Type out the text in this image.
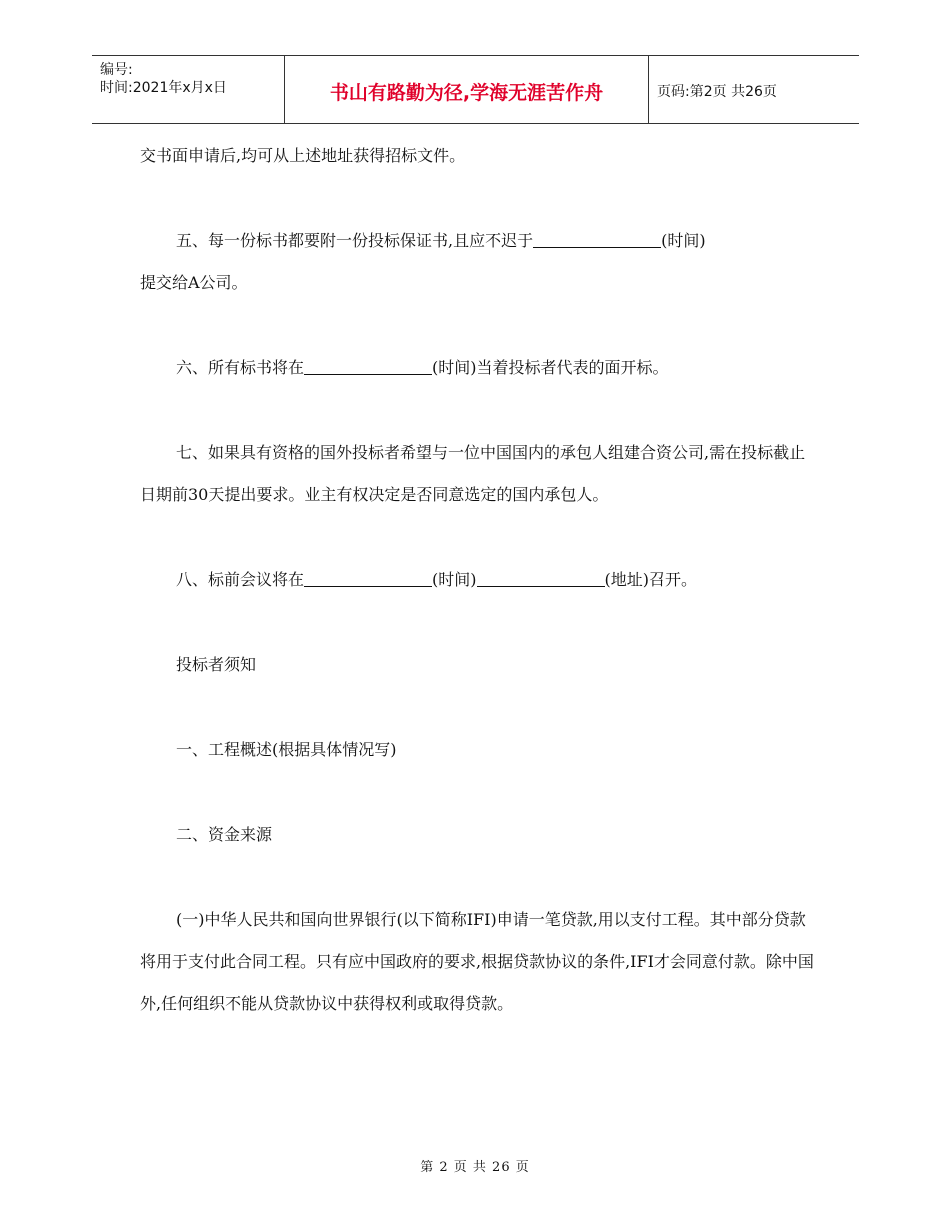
编号:
时间:2021年x月x日	书山有路勤为径,学海无涯苦作舟	页码:第2页 共26页

交书面申请后,均可从上述地址获得招标文件。

五、每一份标书都要附一份投标保证书,且应不迟于	(时间)
提交给A公司。

六、所有标书将在	(时间)当着投标者代表的面开标。

七、如果具有资格的国外投标者希望与一位中国国内的承包人组建合资公司,需在投标截止日期前30天提出要求。业主有权决定是否同意选定的国内承包人。

八、标前会议将在	(时间)	(地址)召开。

投标者须知

一、工程概述(根据具体情况写)

二、资金来源

(一)中华人民共和国向世界银行(以下简称IFI)申请一笔贷款,用以支付工程。其中部分贷款将用于支付此合同工程。只有应中国政府的要求,根据贷款协议的条件,IFI才会同意付款。除中国外,任何组织不能从贷款协议中获得权利或取得贷款。

第 2 页 共 26 页
